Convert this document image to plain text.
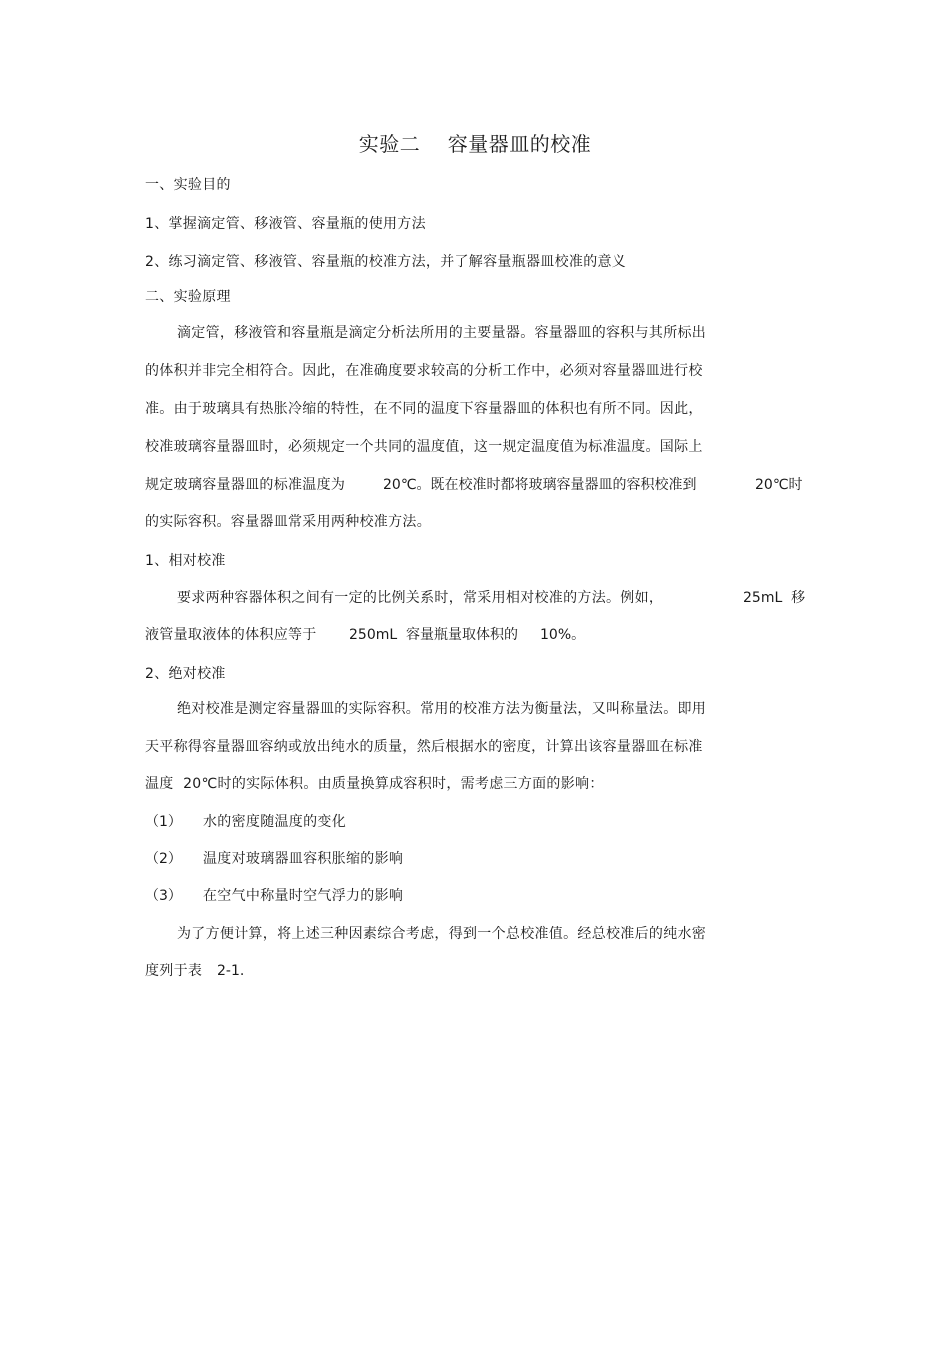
实验二    容量器皿的校准
一、实验目的
1、掌握滴定管、移液管、容量瓶的使用方法
2、练习滴定管、移液管、容量瓶的校准方法，并了解容量瓶器皿校准的意义
二、实验原理
滴定管，移液管和容量瓶是滴定分析法所用的主要量器。容量器皿的容积与其所标出
的体积并非完全相符合。因此，在准确度要求较高的分析工作中，必须对容量器皿进行校
准。由于玻璃具有热胀冷缩的特性，在不同的温度下容量器皿的体积也有所不同。因此，
校准玻璃容量器皿时，必须规定一个共同的温度值，这一规定温度值为标准温度。国际上
规定玻璃容量器皿的标准温度为	20℃。既在校准时都将玻璃容量器皿的容积校准到	20℃时
的实际容积。容量器皿常采用两种校准方法。
1、相对校准
要求两种容器体积之间有一定的比例关系时，常采用相对校准的方法。例如，	25mL  移
液管量取液体的体积应等于 250mL  容量瓶量取体积的 10%。
2、绝对校准
绝对校准是测定容量器皿的实际容积。常用的校准方法为衡量法，又叫称量法。即用
天平称得容量器皿容纳或放出纯水的质量，然后根据水的密度，计算出该容量器皿在标准
温度  20℃时的实际体积。由质量换算成容积时，需考虑三方面的影响：
（1） 水的密度随温度的变化
（2） 温度对玻璃器皿容积胀缩的影响
（3） 在空气中称量时空气浮力的影响
为了方便计算，将上述三种因素综合考虑，得到一个总校准值。经总校准后的纯水密
度列于表 2-1.
